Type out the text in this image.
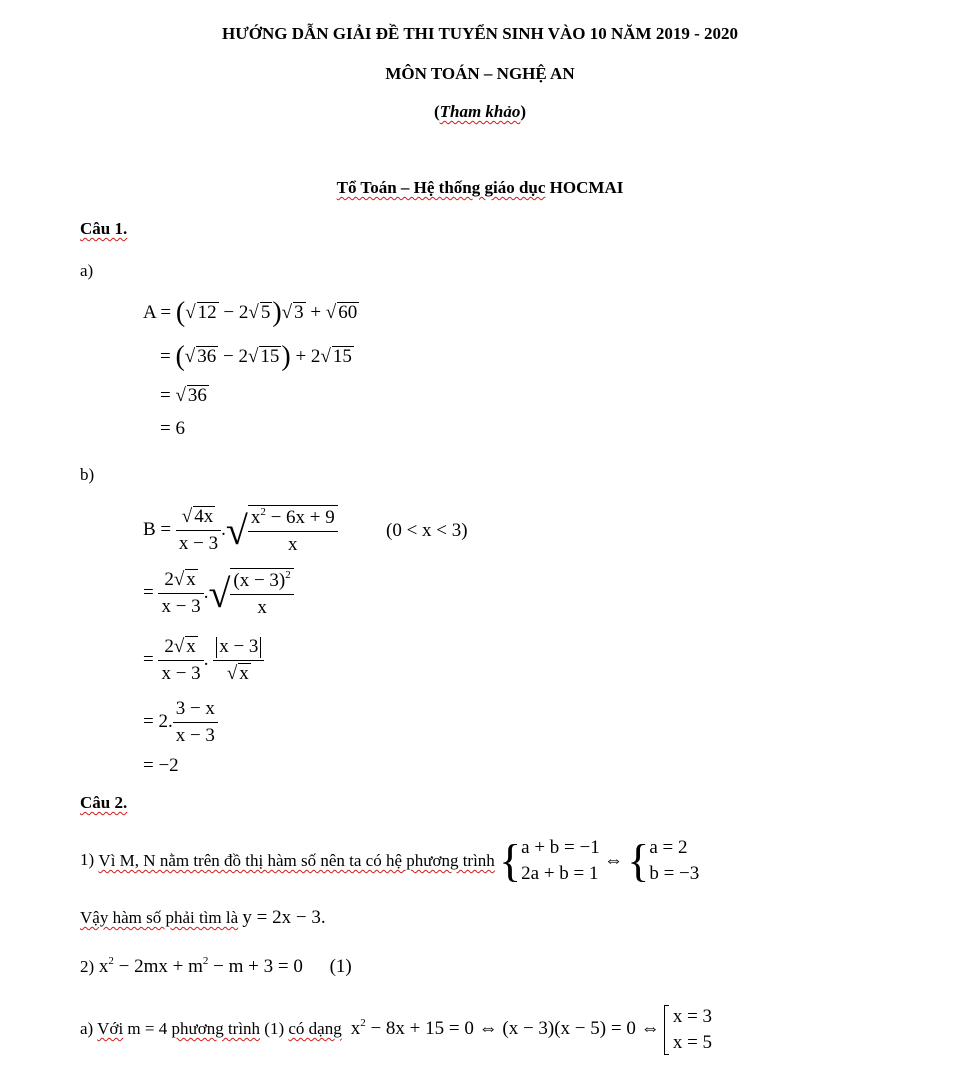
HƯỚNG DẪN GIẢI ĐỀ THI TUYỂN SINH VÀO 10 NĂM 2019 - 2020
MÔN TOÁN – NGHỆ AN
(Tham khảo)
Tổ Toán – Hệ thống giáo dục HOCMAI
Câu 1.
a)
A = (√ 12 − 2√ 5)√ 3 + √ 60
= (√ 36 − 2√ 15) + 2√ 15
= √ 36
= 6
b)
$B = \frac{√ 4x}{x - 3}$ .√ $\frac{x^2 - 6x + 9}{x}$	(0 < x < 3)
= $\frac{2√ x}{x - 3}$ .√ $\frac{(x - 3)^2}{x}$
= $\frac{2√ x}{x - 3}$ . $\frac{x - 3}{√ x}$
= 2. $\frac{3 - x}{x - 3}$
= −2
Câu 2.
1) Vì M, N nằm trên đồ thị hàm số nên ta có hệ phương trình { a + b = −1
2a + b = 1
⇔ { a = 2
b = −3
Vậy hàm số phải tìm là y = 2x − 3.
2) $x^2 - 2mx + m^2 - m + 3 = 0$ (1)
a) Với m = 4 phương trình (1) có dạng  $x^2 - 8x + 15 = 0$ ⇔ (x − 3)(x − 5) = 0 ⇔
x = 3
x = 5
